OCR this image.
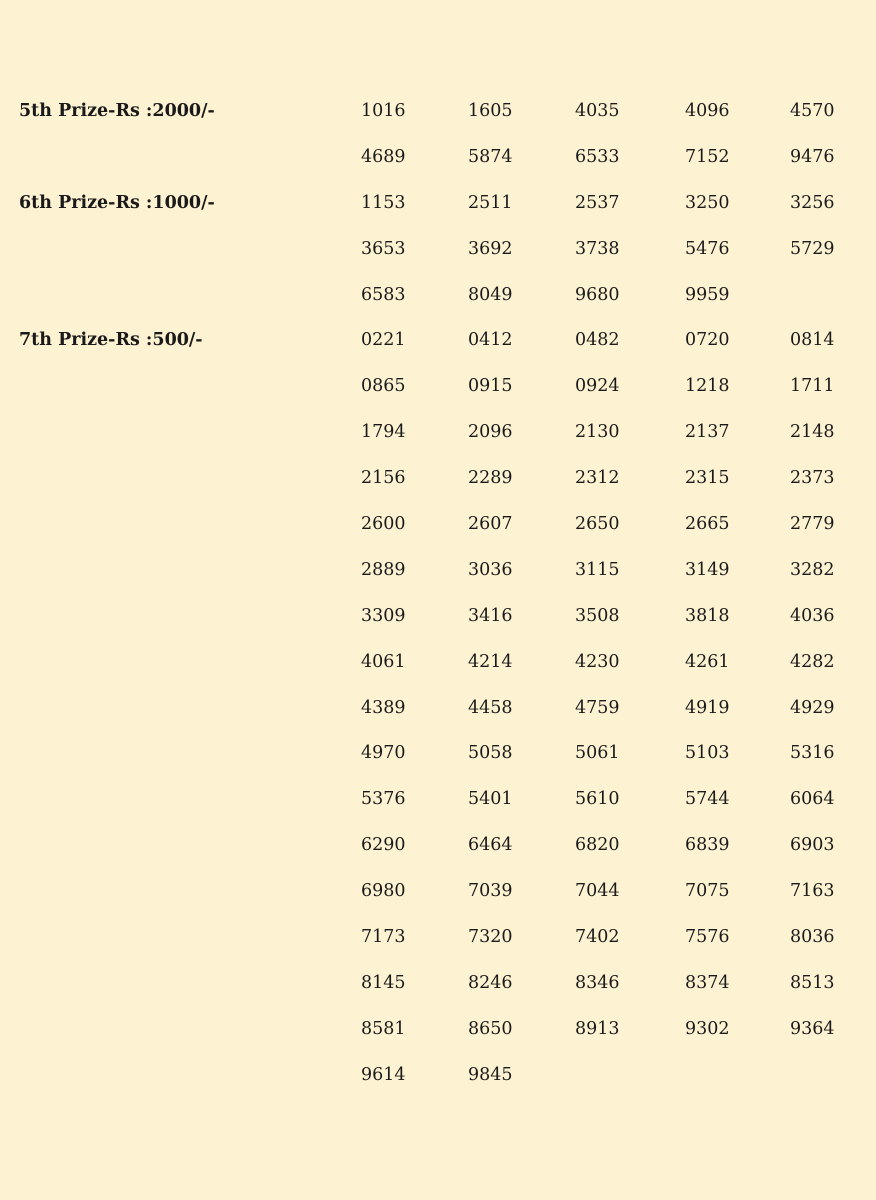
5th Prize-Rs :2000/-	1016	1605	4035	4096	4570
4689	5874	6533	7152	9476
6th Prize-Rs :1000/-	1153	2511	2537	3250	3256
3653	3692	3738	5476	5729
6583	8049	9680	9959
7th Prize-Rs :500/-	0221	0412	0482	0720	0814
0865	0915	0924	1218	1711
1794	2096	2130	2137	2148
2156	2289	2312	2315	2373
2600	2607	2650	2665	2779
2889	3036	3115	3149	3282
3309	3416	3508	3818	4036
4061	4214	4230	4261	4282
4389	4458	4759	4919	4929
4970	5058	5061	5103	5316
5376	5401	5610	5744	6064
6290	6464	6820	6839	6903
6980	7039	7044	7075	7163
7173	7320	7402	7576	8036
8145	8246	8346	8374	8513
8581	8650	8913	9302	9364
9614	9845
